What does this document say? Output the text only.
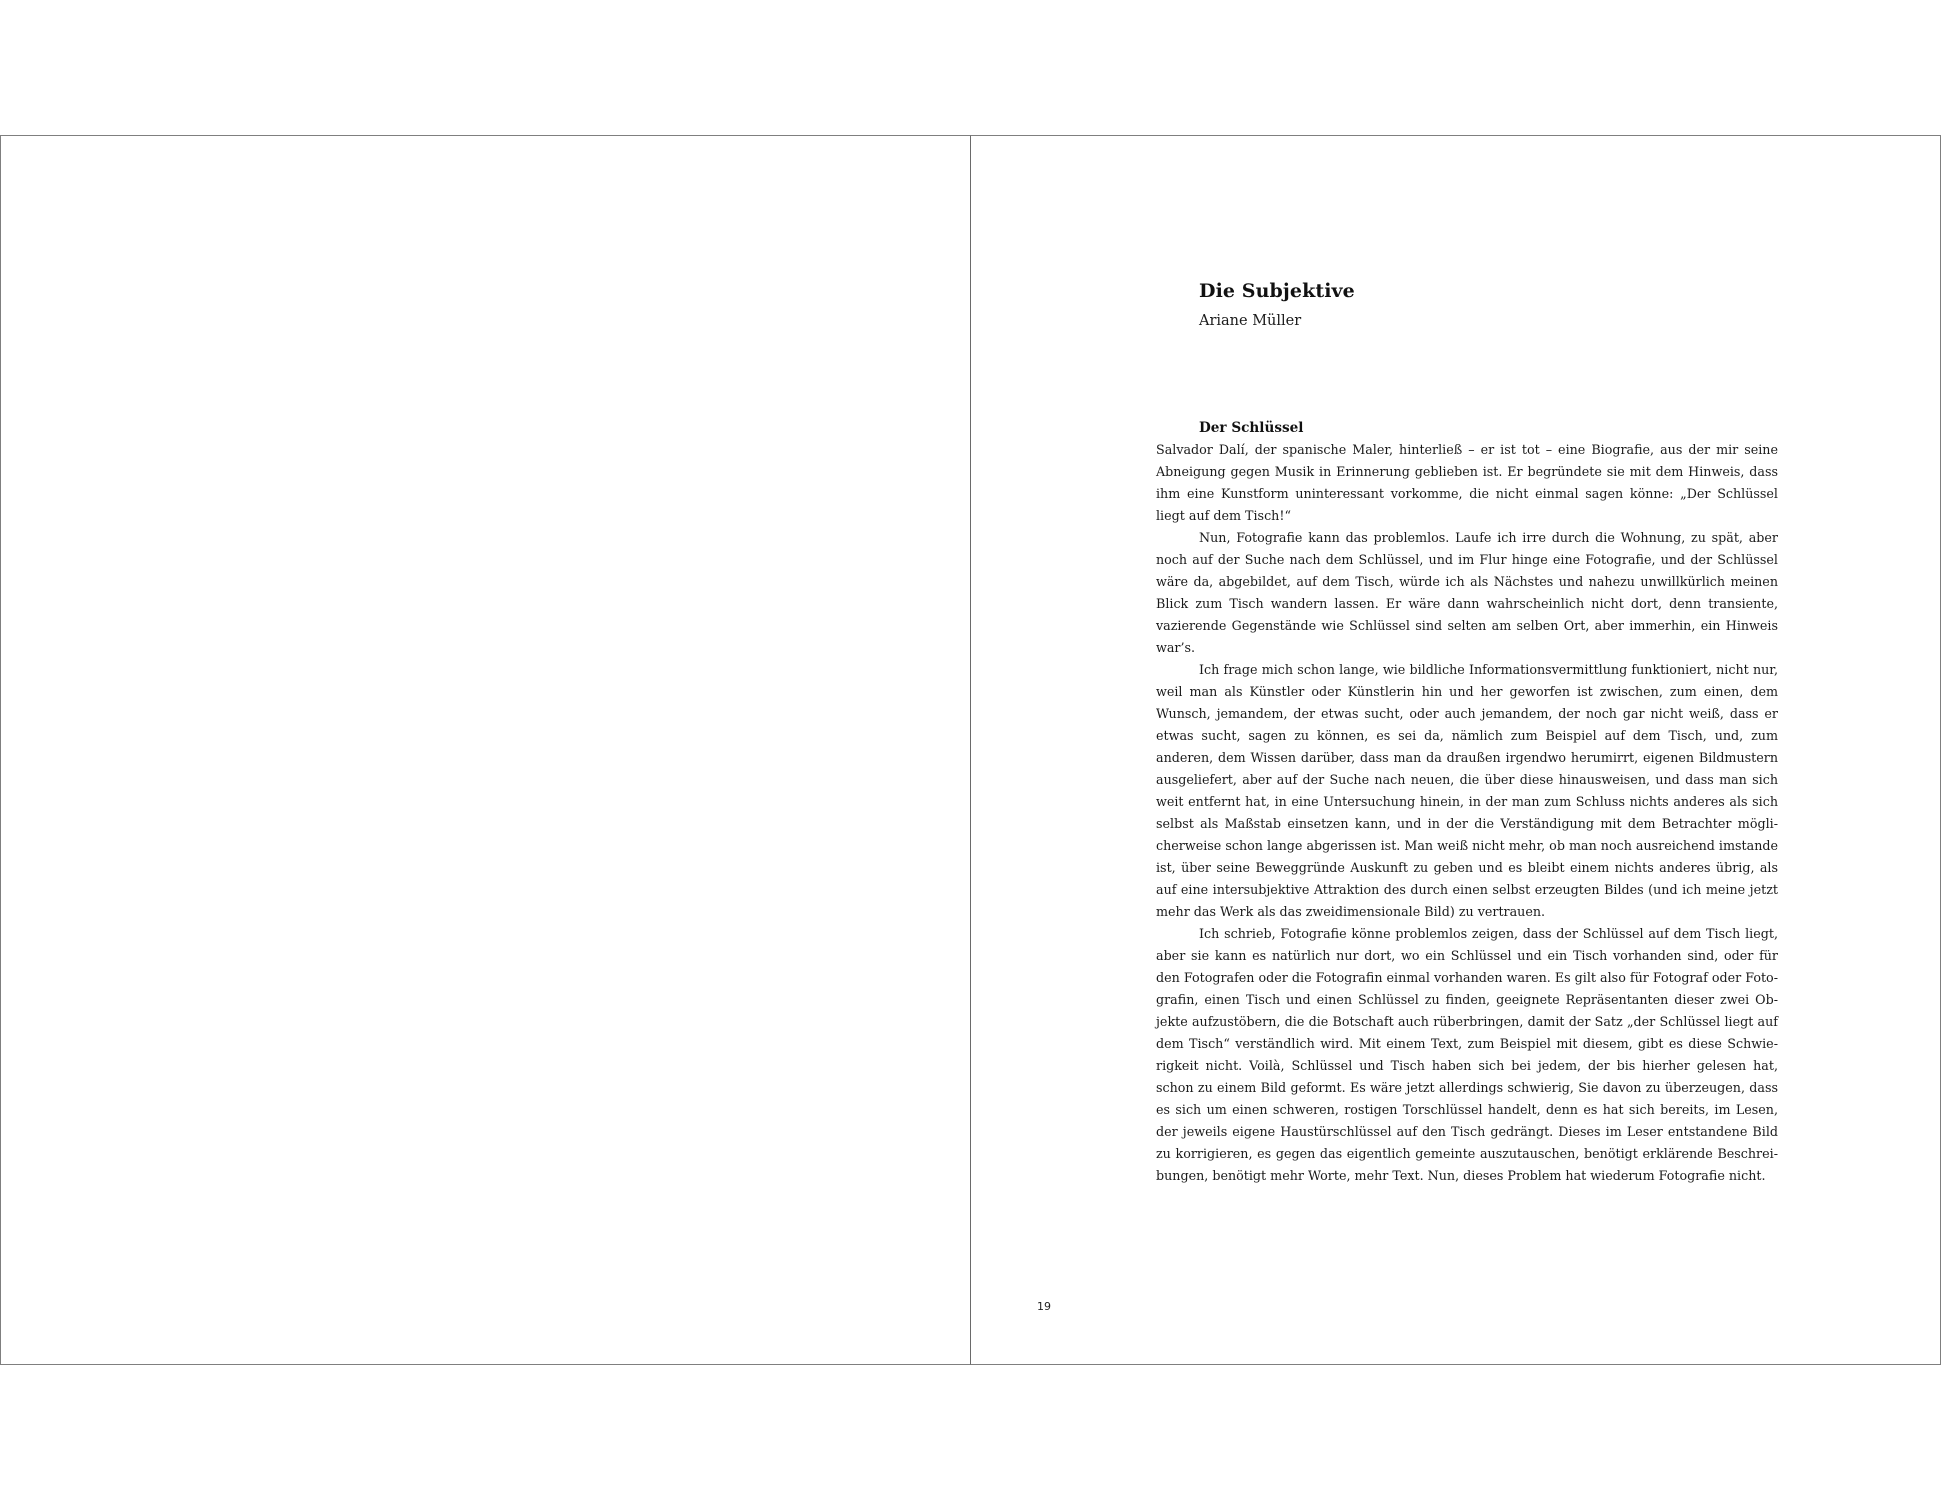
Die Subjektive

Ariane Müller

Der Schlüssel

Salvador Dalí, der spanische Maler, hinterließ – er ist tot – eine Biografie, aus der mir seine Abneigung gegen Musik in Erinnerung geblieben ist. Er begründete sie mit dem Hinweis, dass ihm eine Kunstform uninteressant vorkomme, die nicht einmal sagen könne: „Der Schlüssel liegt auf dem Tisch!“

Nun, Fotografie kann das problemlos. Laufe ich irre durch die Wohnung, zu spät, aber noch auf der Suche nach dem Schlüssel, und im Flur hinge eine Fotografie, und der Schlüssel wäre da, abgebildet, auf dem Tisch, würde ich als Nächstes und nahezu unwillkürlich meinen Blick zum Tisch wandern lassen. Er wäre dann wahrscheinlich nicht dort, denn transiente, vazierende Gegenstände wie Schlüssel sind selten am selben Ort, aber immerhin, ein Hinweis war’s.

Ich frage mich schon lange, wie bildliche Informationsvermittlung funktioniert, nicht nur, weil man als Künstler oder Künstlerin hin und her geworfen ist zwischen, zum einen, dem Wunsch, jemandem, der etwas sucht, oder auch jemandem, der noch gar nicht weiß, dass er etwas sucht, sagen zu können, es sei da, nämlich zum Beispiel auf dem Tisch, und, zum anderen, dem Wissen darüber, dass man da draußen irgendwo herumirrt, eigenen Bildmustern ausgeliefert, aber auf der Suche nach neuen, die über diese hinausweisen, und dass man sich weit entfernt hat, in eine Untersuchung hinein, in der man zum Schluss nichts anderes als sich selbst als Maßstab einsetzen kann, und in der die Verständigung mit dem Betrachter möglicherweise schon lange abgerissen ist. Man weiß nicht mehr, ob man noch ausreichend imstande ist, über seine Beweggründe Auskunft zu geben und es bleibt einem nichts anderes übrig, als auf eine intersubjektive Attraktion des durch einen selbst erzeugten Bildes (und ich meine jetzt mehr das Werk als das zweidimensionale Bild) zu vertrauen.

Ich schrieb, Fotografie könne problemlos zeigen, dass der Schlüssel auf dem Tisch liegt, aber sie kann es natürlich nur dort, wo ein Schlüssel und ein Tisch vorhanden sind, oder für den Fotografen oder die Fotografin einmal vorhanden waren. Es gilt also für Fotograf oder Fotografin, einen Tisch und einen Schlüssel zu finden, geeignete Repräsentanten dieser zwei Objekte aufzustöbern, die die Botschaft auch rüberbringen, damit der Satz „der Schlüssel liegt auf dem Tisch“ verständlich wird. Mit einem Text, zum Beispiel mit diesem, gibt es diese Schwierigkeit nicht. Voilà, Schlüssel und Tisch haben sich bei jedem, der bis hierher gelesen hat, schon zu einem Bild geformt. Es wäre jetzt allerdings schwierig, Sie davon zu überzeugen, dass es sich um einen schweren, rostigen Torschlüssel handelt, denn es hat sich bereits, im Lesen, der jeweils eigene Haustürschlüssel auf den Tisch gedrängt. Dieses im Leser entstandene Bild zu korrigieren, es gegen das eigentlich gemeinte auszutauschen, benötigt erklärende Beschreibungen, benötigt mehr Worte, mehr Text. Nun, dieses Problem hat wiederum Fotografie nicht.

19
